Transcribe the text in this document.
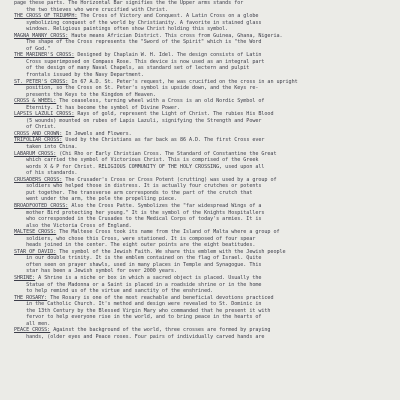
page these parts. The Horizontal Bar signifies the the Upper arms stands for
the two thieves who were crucified with Christ.
THE CROSS OF TRIUMPH: The Cross of Victory and Conquest. A Latin Cross on a globe
symbolizing conquest of the world by Christianity. A favorite in stained glass
windows. Religious paintings often show Christ holding this symbol.
MAGNA MANNY CROSS: Haute means Africian District. This cross from Guinea, Ghana, Nigeria.
The shape of the Cross represents the "Sword of the Spirit" which is "the Word
of God."
THE MARINER'S CROSS: Designed by Chaplain W. H. Idel. The design consists of Latin
Cross superimposed on Compass Rose. This device is now used as an integral part
of the design of many Naval Chapels, as standard set of lectern and pulpit
frontals issued by the Navy Department.
ST. PETER'S CROSS: In 67 A.D. St. Peter's request, he was crucified on the cross in an upright
position, so the Cross on St. Peter's symbol is upside down, and the Keys re-
presents the Keys to the Kingdom of Heaven.
CROSS & WHEEL: The ceaseless, turning wheel with a Cross is an old Nordic Symbol of
Eternity. It has become the symbol of Divine Power.
LAPSIS LAZULI CROSS: Rays of gold, represent the Light of Christ. The rubies His Blood
(5 wounds) mounted on rubes of Lapis Lazuli, signifying the Strength and Power
of Christ.
CROSS AND CROWN: In Jewels and Flowers.
TRIFOLIAR CROSS: Used by the Christians as far back as 86 A.D. The first Cross ever
taken into China.
LABARUM CROSS: (Chi Rho or Early Christian Cross. The Standard of Constantine the Great
which carried the symbol of Victorious Christ. This is comprised of the Greek
words X & P for Christ. RELIGIOUS COMMUNITY OF THE HOLY CROSSING, used upon all
of his standards.
CRUSADERS CROSS: The Crusader's Cross or Cross Potent (crutting) was used by a group of
soldiers who helped those in distress. It is actually four crutches or potents
put together. The transverse arm corresponds to the part of the crutch that
went under the arm, the pole the propelling piece.
BROADFOOTED CROSS: Also the Cross Patte. Symbolizes the "far widespread Wings of a
mother Bird protecting her young." It is the symbol of the Knights Hospitallers
who corresponded in the Crusades to the Medical Corps of today's armies. It is
also the Victoria Cross of England.
MALTESE CROSS: The Maltese Cross took its name from the Island of Malta where a group of
soldiers, who chose this Cross, were stationed. It is composed of four spear
heads joined in the center. The eight outer points are the eight beatitudes.
STAR OF DAVID: The symbol of the Jewish Faith. We share this emblem with the Jewish people
in our double trinity. It is the emblem contained on the flag of Israel. Quite
often seen on prayer shawls, used in many places in Temple and Synagogue. This
star has been a Jewish symbol for over 2000 years.
SHRINE: A Shrine is a niche or box in which a sacred object is placed. Usually the
Statue of the Madonna or a Saint is placed in a roadside shrine or in the home
to help remind us of the virtue and sanctity of the enshrined.
THE ROSARY: The Rosary is one of the most reachable and beneficial devotions practiced
in the Catholic Church. It's method and design were revealed to St. Dominic in
the 13th Century by the Blessed Virgin Mary who commanded that he present it with
fervor to help everyone rise in the world, and to bring peace in the hearts of
all men.
PEACE CROSS: Against the background of the world, three crosses are formed by praying
hands, (older eyes and Peace roses. Four pairs of individually carved hands are
